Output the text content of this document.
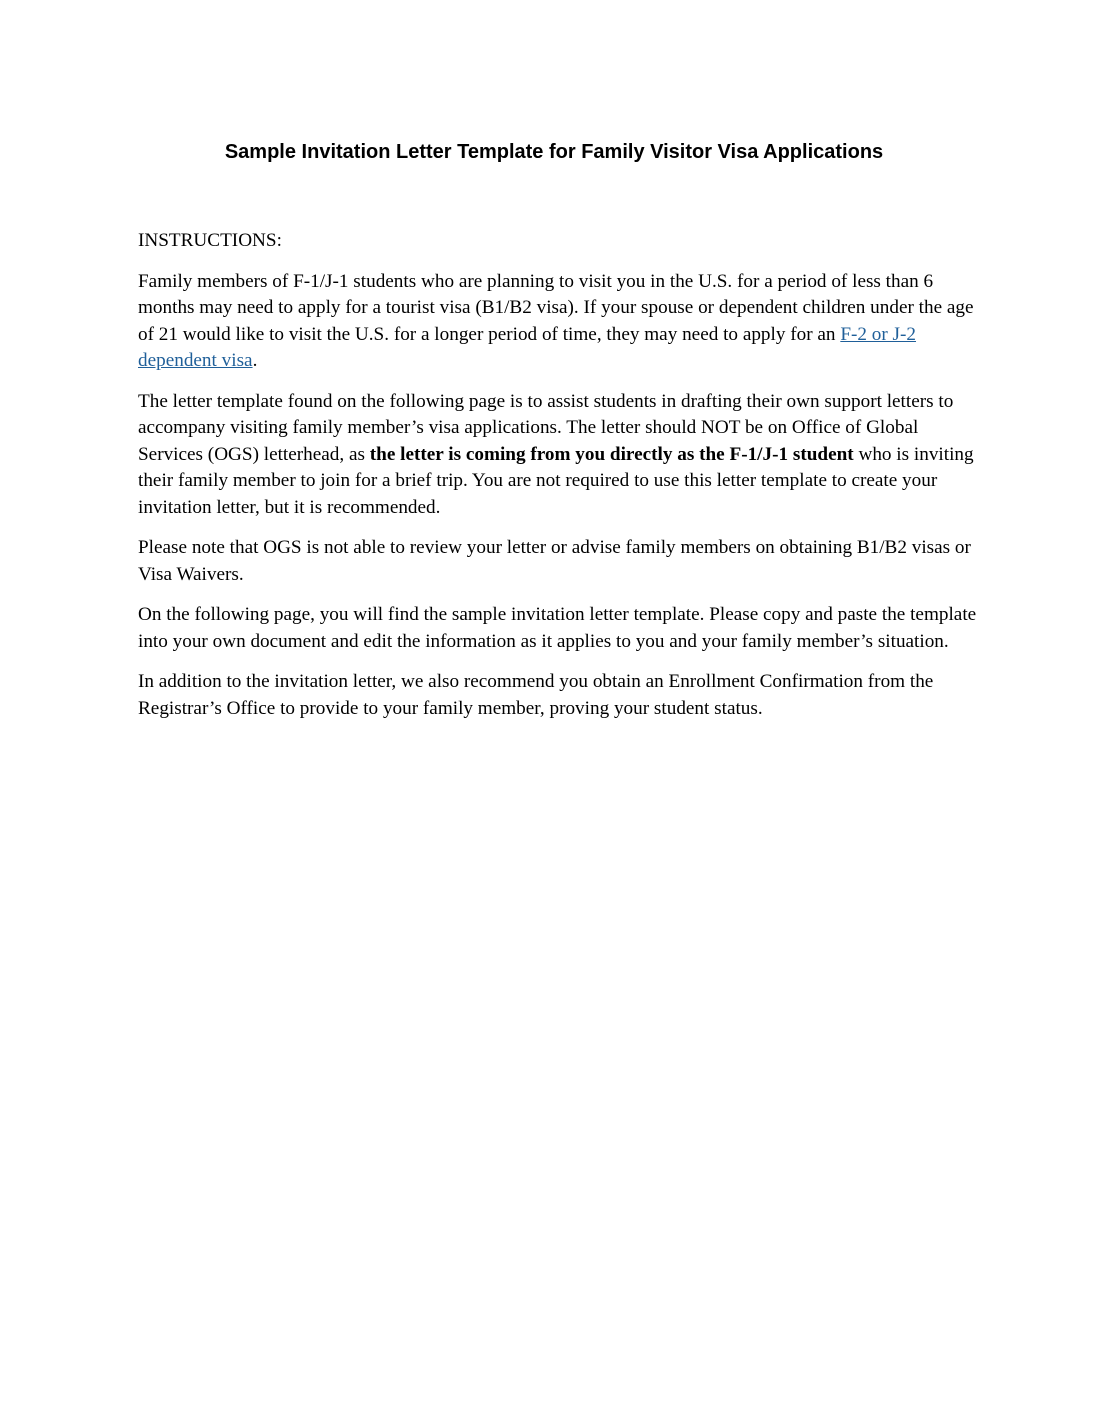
Sample Invitation Letter Template for Family Visitor Visa Applications

INSTRUCTIONS:

Family members of F-1/J-1 students who are planning to visit you in the U.S. for a period of less than 6 months may need to apply for a tourist visa (B1/B2 visa). If your spouse or dependent children under the age of 21 would like to visit the U.S. for a longer period of time, they may need to apply for an F-2 or J-2 dependent visa.

The letter template found on the following page is to assist students in drafting their own support letters to accompany visiting family member’s visa applications. The letter should NOT be on Office of Global Services (OGS) letterhead, as the letter is coming from you directly as the F-1/J-1 student who is inviting their family member to join for a brief trip. You are not required to use this letter template to create your invitation letter, but it is recommended.

Please note that OGS is not able to review your letter or advise family members on obtaining B1/B2 visas or Visa Waivers.

On the following page, you will find the sample invitation letter template. Please copy and paste the template into your own document and edit the information as it applies to you and your family member’s situation.

In addition to the invitation letter, we also recommend you obtain an Enrollment Confirmation from the Registrar’s Office to provide to your family member, proving your student status.
